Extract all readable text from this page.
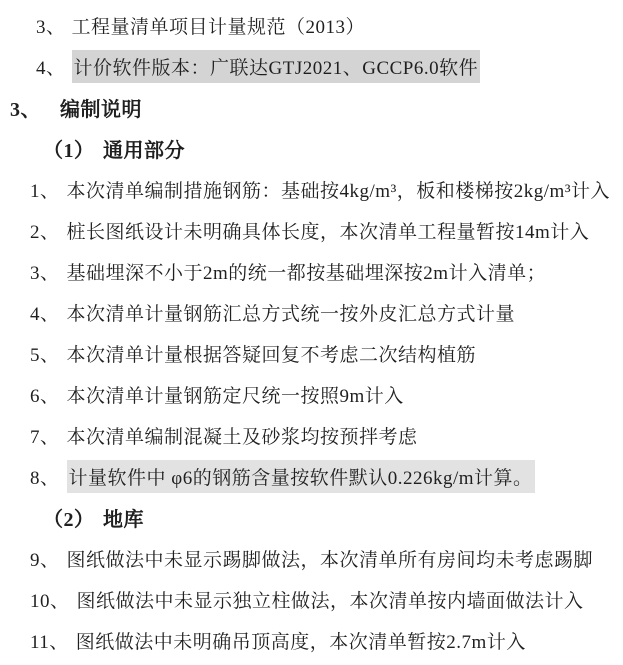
3、 工程量清单项目计量规范（2013）
4、 计价软件版本：广联达GTJ2021、GCCP6.0软件
3、 编制说明
（1） 通用部分
1、 本次清单编制措施钢筋：基础按4kg/m³，板和楼梯按2kg/m³计入
2、 桩长图纸设计未明确具体长度，本次清单工程量暂按14m计入
3、 基础埋深不小于2m的统一都按基础埋深按2m计入清单；
4、 本次清单计量钢筋汇总方式统一按外皮汇总方式计量
5、 本次清单计量根据答疑回复不考虑二次结构植筋
6、 本次清单计量钢筋定尺统一按照9m计入
7、 本次清单编制混凝土及砂浆均按预拌考虑
8、 计量软件中 φ6的钢筋含量按软件默认0.226kg/m计算。
（2） 地库
9、 图纸做法中未显示踢脚做法，本次清单所有房间均未考虑踢脚
10、 图纸做法中未显示独立柱做法，本次清单按内墙面做法计入
11、 图纸做法中未明确吊顶高度，本次清单暂按2.7m计入
